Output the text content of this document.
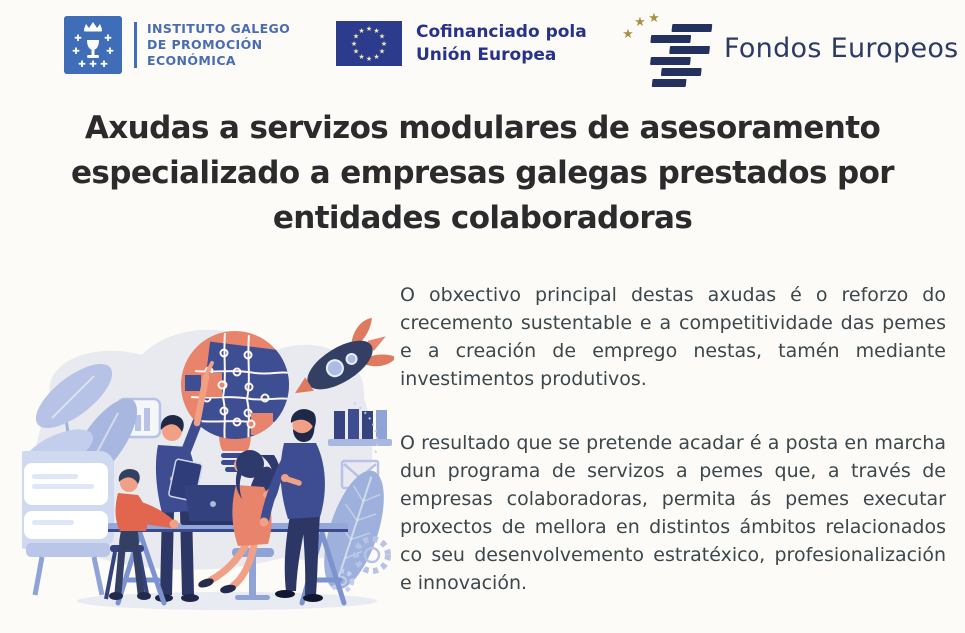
✚ ✚
✚	✚
✚ ✚
✚
INSTITUTO GALEGO
DE PROMOCIÓN
ECONÓMICA
★ ★
★
★
★
★
★
★
★
★
★
★	Cofinanciado pola
Unión Europea
★
★ ★
Fondos Europeos
Axudas a servizos modulares de asesoramento
especializado a empresas galegas prestados por
entidades colaboradoras

O obxectivo principal destas axudas é o reforzo do crecemento sustentable e a competitividade das pemes e a creación de emprego nestas, tamén mediante investimentos produtivos.

O resultado que se pretende acadar é a posta en marcha dun programa de servizos a pemes que, a través de empresas colaboradoras, permita ás pemes executar proxectos de mellora en distintos ámbitos relacionados co seu desenvolvemento estratéxico, profesionalización e innovación.
